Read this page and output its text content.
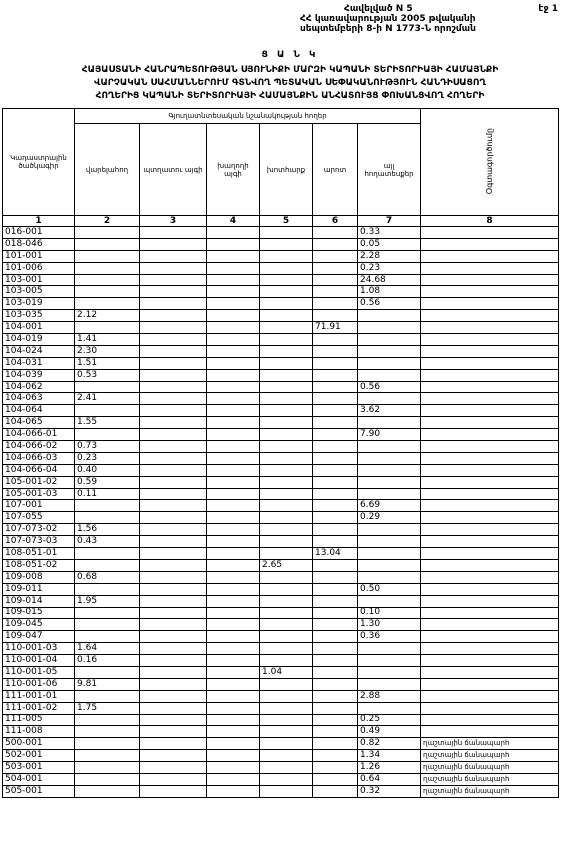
Հավելված N 5
ՀՀ կառավարության 2005 թվականի
սեպտեմբերի 8-ի N 1773-Ն որոշման
էջ 1
Ց Ա Ն Կ
ՀԱՅԱՍՏԱՆԻ ՀԱՆՐԱՊԵՏՈՒԹՅԱՆ ՍՅՈՒՆԻՔԻ ՄԱՐԶԻ ԿԱՊԱՆԻ ՏԵՐԻՏՈՐԻԱՅԻ ՀԱՄԱՅՆՔԻ
ՎԱՐՉԱԿԱՆ ՍԱՀՄԱՆՆԵՐՈՒՄ ԳՏՆՎՈՂ ՊԵՏԱԿԱՆ ՍԵՓԱԿԱՆՈՒԹՅՈՒՆ ՀԱՆԴԻՍԱՑՈՂ
ՀՈՂԵՐԻՑ ԿԱՊԱՆԻ ՏԵՐԻՏՈՐԻԱՅԻ ՀԱՄԱՅՆՔԻՆ ԱՆՀԱՏՈՒՅՑ ՓՈԽԱՆՑՎՈՂ ՀՈՂԵՐԻ
Կադաստրային ծածկագիր	Գյուղատնտեսական նշանակության հողեր						Օգտագործումը
	վարելահող	պտղատու այգի	խաղողի այգի	խոտհարք	արոտ	այլ հողատեսքեր	
1	2	3	4	5	6	7	8
016-001						0.33	
018-046						0.05	
101-001						2.28	
101-006						0.23	
103-001						24.68	
103-005						1.08	
103-019						0.56	
103-035	2.12						
104-001					71.91		
104-019	1.41						
104-024	2.30						
104-031	1.51						
104-039	0.53						
104-062						0.56	
104-063	2.41						
104-064						3.62	
104-065	1.55						
104-066-01						7.90	
104-066-02	0.73						
104-066-03	0.23						
104-066-04	0.40						
105-001-02	0.59						
105-001-03	0.11						
107-001						6.69	
107-055						0.29	
107-073-02	1.56						
107-073-03	0.43						
108-051-01					13.04		
108-051-02				2.65			
109-008	0.68						
109-011						0.50	
109-014	1.95						
109-015						0.10	
109-045						1.30	
109-047						0.36	
110-001-03	1.64						
110-001-04	0.16						
110-001-05				1.04			
110-001-06	9.81						
111-001-01						2.88	
111-001-02	1.75						
111-005						0.25	
111-008						0.49	
500-001						0.82	ղաշտային ճանապարհ
502-001						1.34	ղաշտային ճանապարհ
503-001						1.26	ղաշտային ճանապարհ
504-001						0.64	ղաշտային ճանապարհ
505-001						0.32	ղաշտային ճանապարհ
